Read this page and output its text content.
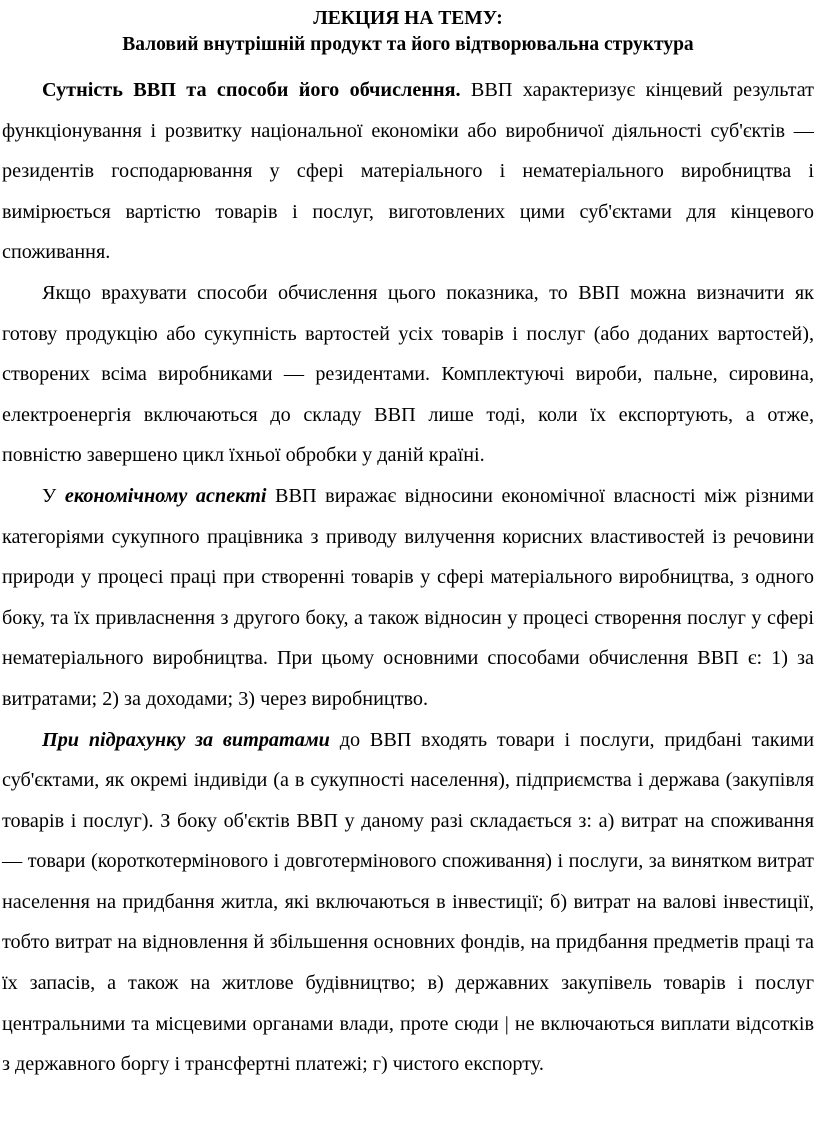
ЛЕКЦИЯ НА ТЕМУ:
Валовий внутрішній продукт та його відтворювальна структура

Сутність ВВП та способи його обчислення. ВВП характеризує кінцевий результат функціонування і розвитку національної економіки або виробничої діяльності суб'єктів — резидентів господарювання у сфері матеріального і нематеріального виробництва і вимірюється вартістю товарів і послуг, виготовлених цими суб'єктами для кінцевого споживання.

Якщо врахувати способи обчислення цього показника, то ВВП можна визначити як готову продукцію або сукупність вартостей усіх товарів і послуг (або доданих вартостей), створених всіма виробниками — резидентами. Комплектуючі вироби, пальне, сировина, електроенергія включаються до складу ВВП лише тоді, коли їх експортують, а отже, повністю завершено цикл їхньої обробки у даній країні.

У економічному аспекті ВВП виражає відносини економічної власності між різними категоріями сукупного працівника з приводу вилучення корисних властивостей із речовини природи у процесі праці при створенні товарів у сфері матеріального виробництва, з одного боку, та їх привласнення з другого боку, а також відносин у процесі створення послуг у сфері нематеріального виробництва. При цьому основними способами обчислення ВВП є: 1) за витратами; 2) за доходами; 3) через виробництво.

При підрахунку за витратами до ВВП входять товари і послуги, придбані такими суб'єктами, як окремі індивіди (а в сукупності населення), підприємства і держава (закупівля товарів і послуг). З боку об'єктів ВВП у даному разі складається з: а) витрат на споживання — товари (короткотермінового і довготермінового споживання) і послуги, за винятком витрат населення на придбання житла, які включаються в інвестиції; б) витрат на валові інвестиції, тобто витрат на відновлення й збільшення основних фондів, на придбання предметів праці та їх запасів, а також на житлове будівництво; в) державних закупівель товарів і послуг центральними та місцевими органами влади, проте сюди | не включаються виплати відсотків з державного боргу і трансфертні платежі; г) чистого експорту.
